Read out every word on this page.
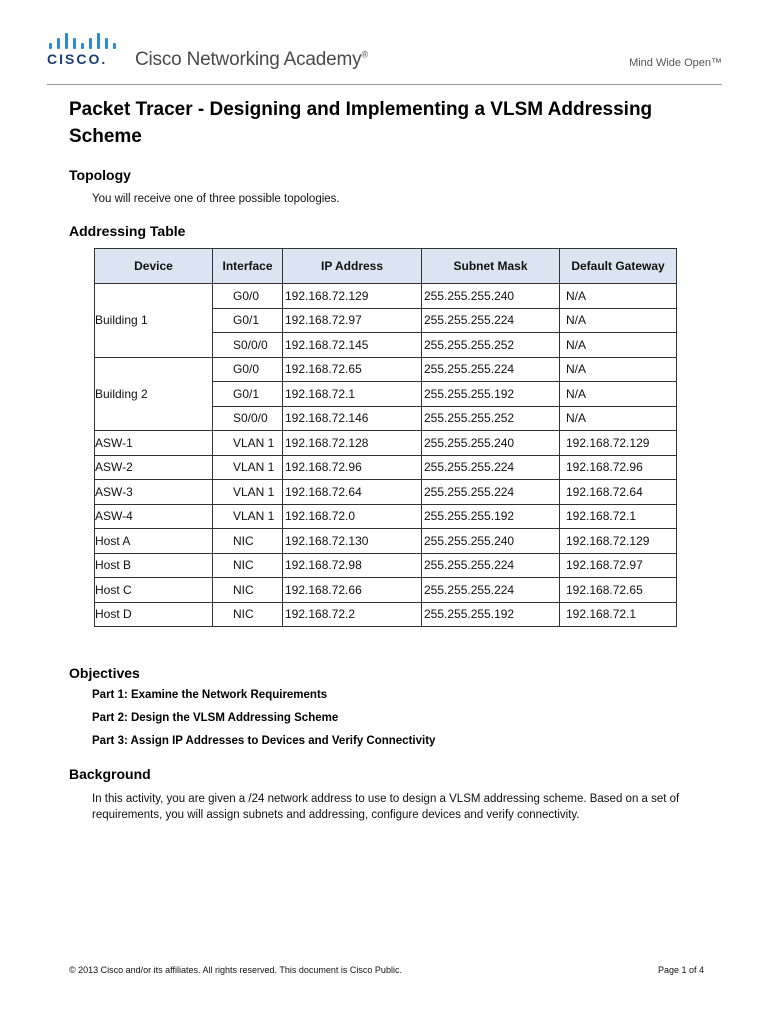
CISCO. Cisco Networking Academy®
Mind Wide Open™
Packet Tracer - Designing and Implementing a VLSM Addressing Scheme
Topology
You will receive one of three possible topologies.
Addressing Table
Device	Interface	IP Address	Subnet Mask	Default Gateway
Building 1	G0/0	192.168.72.129	255.255.255.240	N/A
	G0/1	192.168.72.97	255.255.255.224	N/A
	S0/0/0	192.168.72.145	255.255.255.252	N/A
Building 2	G0/0	192.168.72.65	255.255.255.224	N/A
	G0/1	192.168.72.1	255.255.255.192	N/A
	S0/0/0	192.168.72.146	255.255.255.252	N/A
ASW-1	VLAN 1	192.168.72.128	255.255.255.240	192.168.72.129
ASW-2	VLAN 1	192.168.72.96	255.255.255.224	192.168.72.96
ASW-3	VLAN 1	192.168.72.64	255.255.255.224	192.168.72.64
ASW-4	VLAN 1	192.168.72.0	255.255.255.192	192.168.72.1
Host A	NIC	192.168.72.130	255.255.255.240	192.168.72.129
Host B	NIC	192.168.72.98	255.255.255.224	192.168.72.97
Host C	NIC	192.168.72.66	255.255.255.224	192.168.72.65
Host D	NIC	192.168.72.2	255.255.255.192	192.168.72.1
Objectives
Part 1: Examine the Network Requirements
Part 2: Design the VLSM Addressing Scheme
Part 3: Assign IP Addresses to Devices and Verify Connectivity
Background
In this activity, you are given a /24 network address to use to design a VLSM addressing scheme. Based on a set of requirements, you will assign subnets and addressing, configure devices and verify connectivity.
© 2013 Cisco and/or its affiliates. All rights reserved. This document is Cisco Public.	Page 1 of 4
